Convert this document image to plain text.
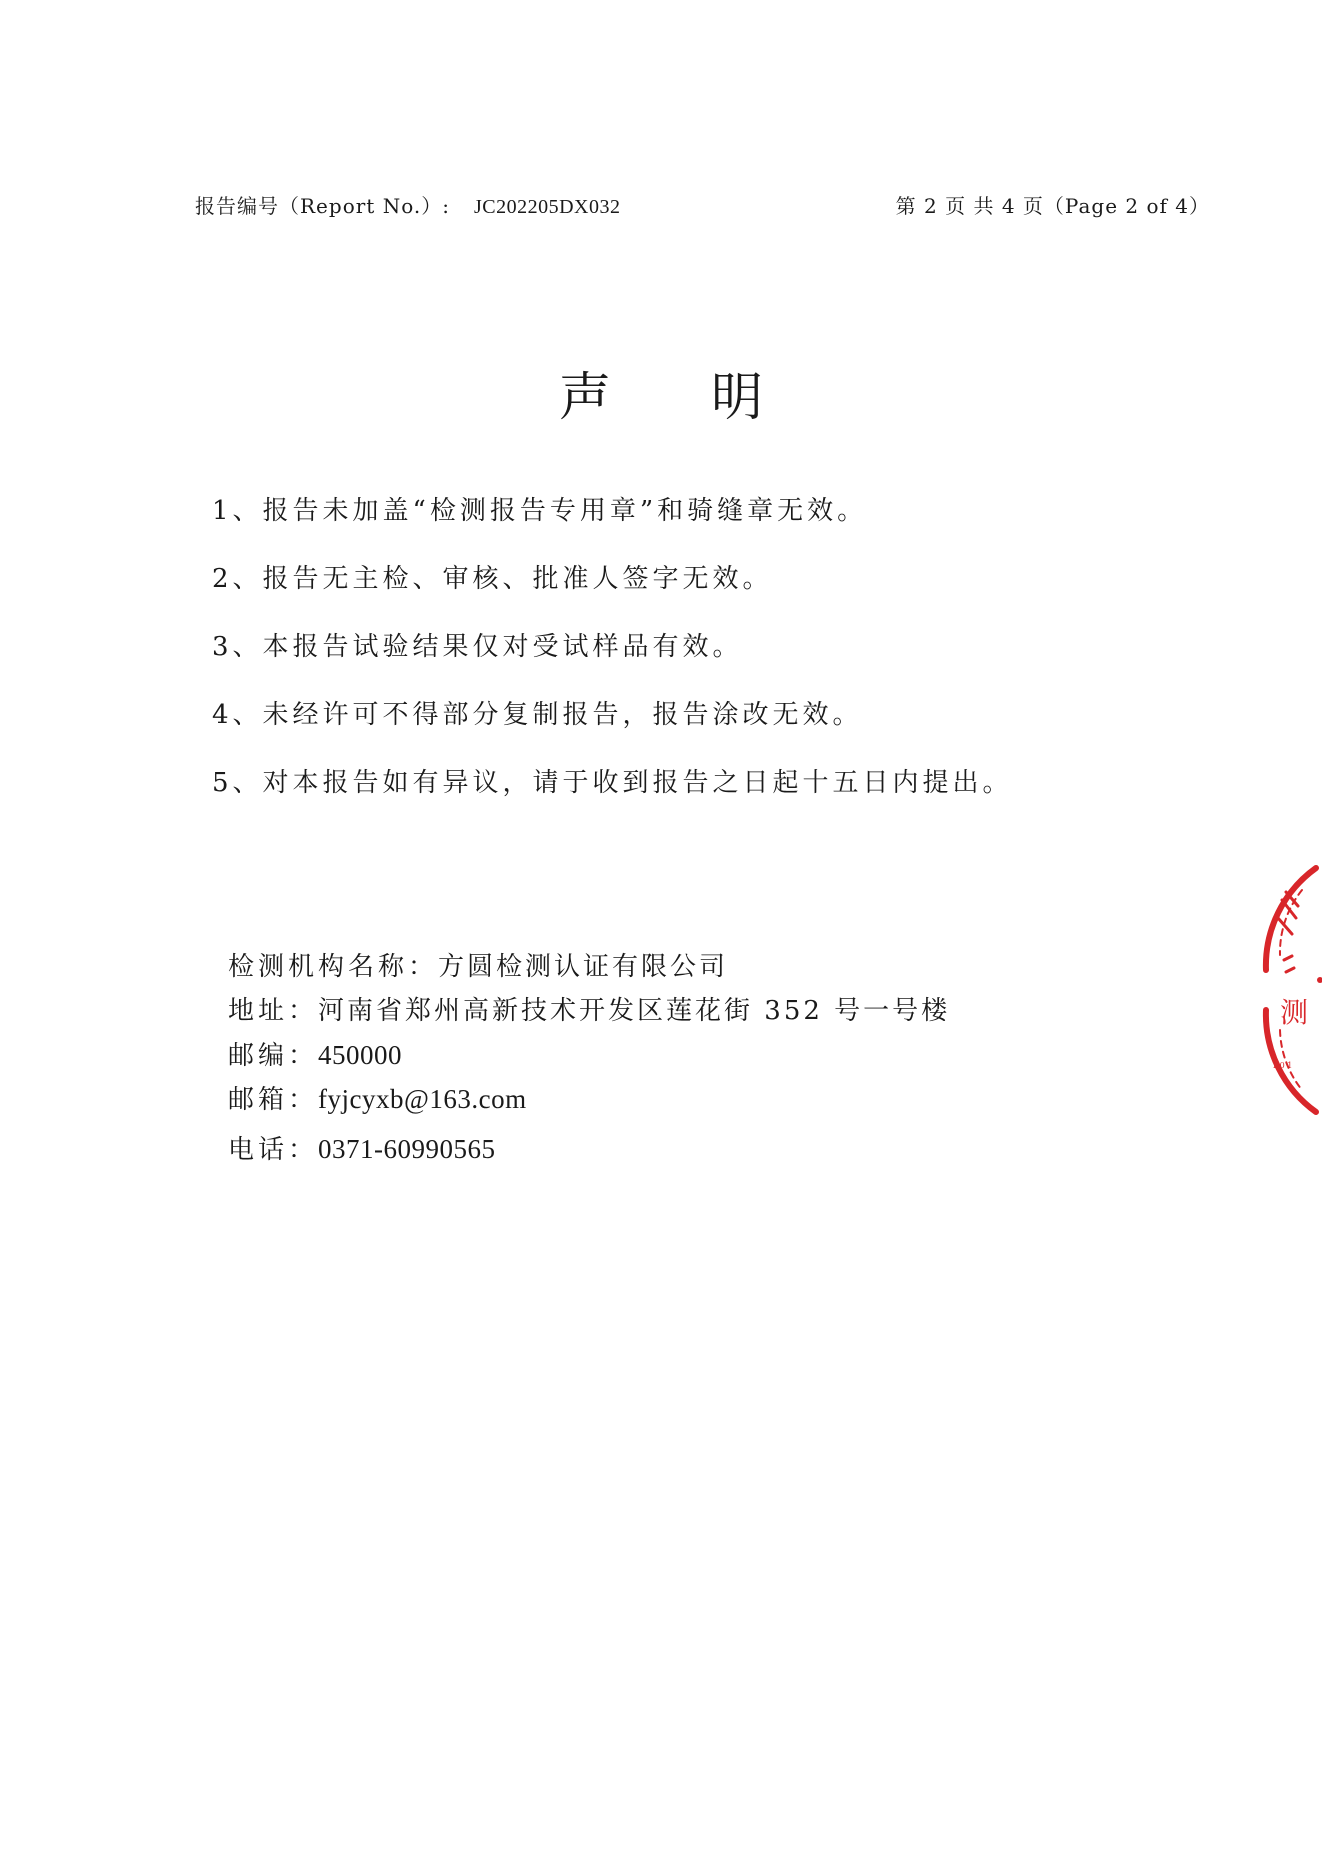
报告编号（Report No.）: JC202205DX032	第 2 页 共 4 页（Page 2 of 4）
声明
1、报告未加盖“检测报告专用章”和骑缝章无效。
2、报告无主检、审核、批准人签字无效。
3、本报告试验结果仅对受试样品有效。
4、未经许可不得部分复制报告，报告涂改无效。
5、对本报告如有异议，请于收到报告之日起十五日内提出。
检测机构名称：方圆检测认证有限公司
地址：河南省郑州高新技术开发区莲花街 352 号一号楼
邮编：450000
邮箱：fyjcyxb@163.com
电话：0371-60990565
1 0 1
测
